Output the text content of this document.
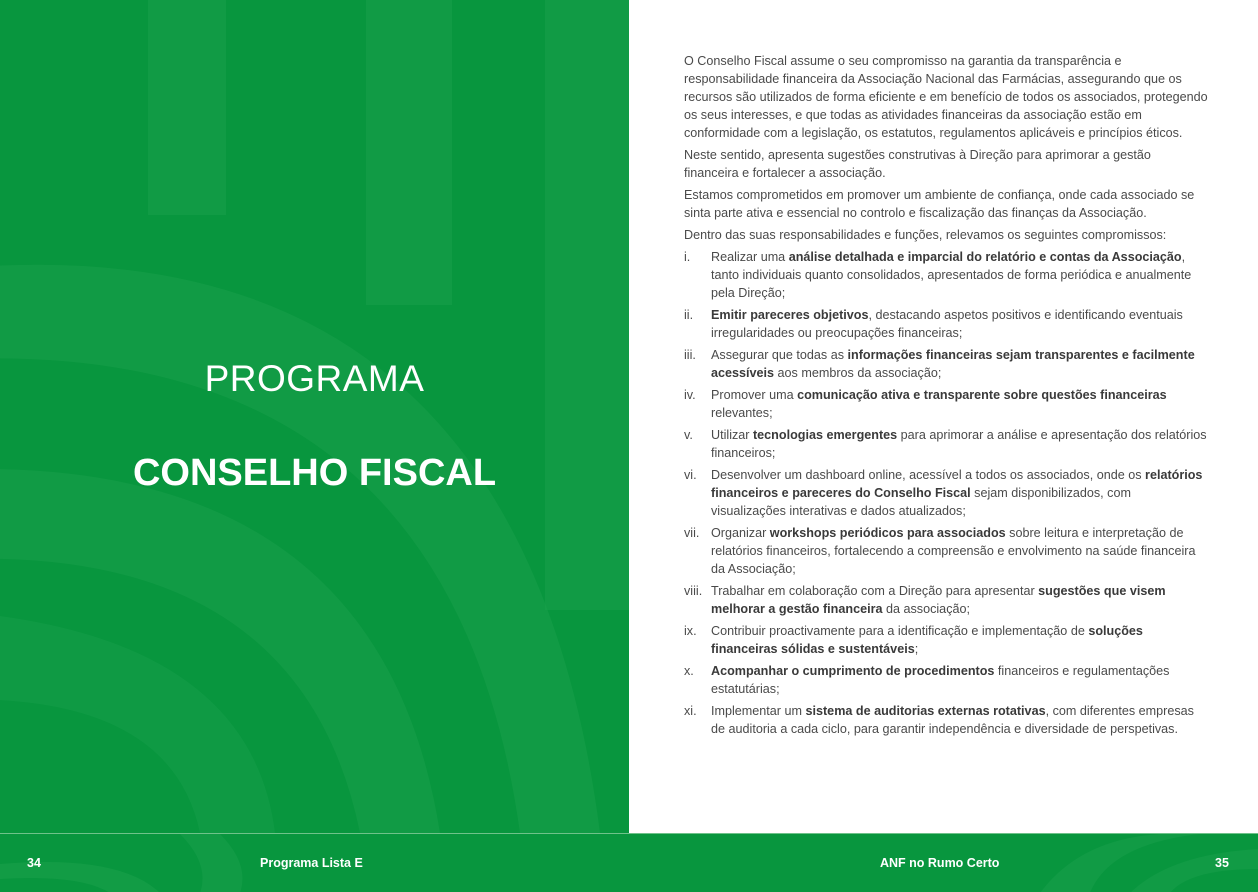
PROGRAMA
CONSELHO FISCAL

O Conselho Fiscal assume o seu compromisso na garantia da transparência e responsabilidade financeira da Associação Nacional das Farmácias, assegurando que os recursos são utilizados de forma eficiente e em benefício de todos os associados, protegendo os seus interesses, e que todas as atividades financeiras da associação estão em conformidade com a legislação, os estatutos, regulamentos aplicáveis e princípios éticos.

Neste sentido, apresenta sugestões construtivas à Direção para aprimorar a gestão financeira e fortalecer a associação.

Estamos comprometidos em promover um ambiente de confiança, onde cada associado se sinta parte ativa e essencial no controlo e fiscalização das finanças da Associação.

Dentro das suas responsabilidades e funções, relevamos os seguintes compromissos:

i. Realizar uma análise detalhada e imparcial do relatório e contas da Associação, tanto individuais quanto consolidados, apresentados de forma periódica e anualmente pela Direção;
ii. Emitir pareceres objetivos, destacando aspetos positivos e identificando eventuais irregularidades ou preocupações financeiras;
iii. Assegurar que todas as informações financeiras sejam transparentes e facilmente acessíveis aos membros da associação;
iv. Promover uma comunicação ativa e transparente sobre questões financeiras relevantes;
v. Utilizar tecnologias emergentes para aprimorar a análise e apresentação dos relatórios financeiros;
vi. Desenvolver um dashboard online, acessível a todos os associados, onde os relatórios financeiros e pareceres do Conselho Fiscal sejam disponibilizados, com visualizações interativas e dados atualizados;
vii. Organizar workshops periódicos para associados sobre leitura e interpretação de relatórios financeiros, fortalecendo a compreensão e envolvimento na saúde financeira da Associação;
viii. Trabalhar em colaboração com a Direção para apresentar sugestões que visem melhorar a gestão financeira da associação;
ix. Contribuir proactivamente para a identificação e implementação de soluções financeiras sólidas e sustentáveis;
x. Acompanhar o cumprimento de procedimentos financeiros e regulamentações estatutárias;
xi. Implementar um sistema de auditorias externas rotativas, com diferentes empresas de auditoria a cada ciclo, para garantir independência e diversidade de perspetivas.
34	Programa Lista E	ANF no Rumo Certo	35
